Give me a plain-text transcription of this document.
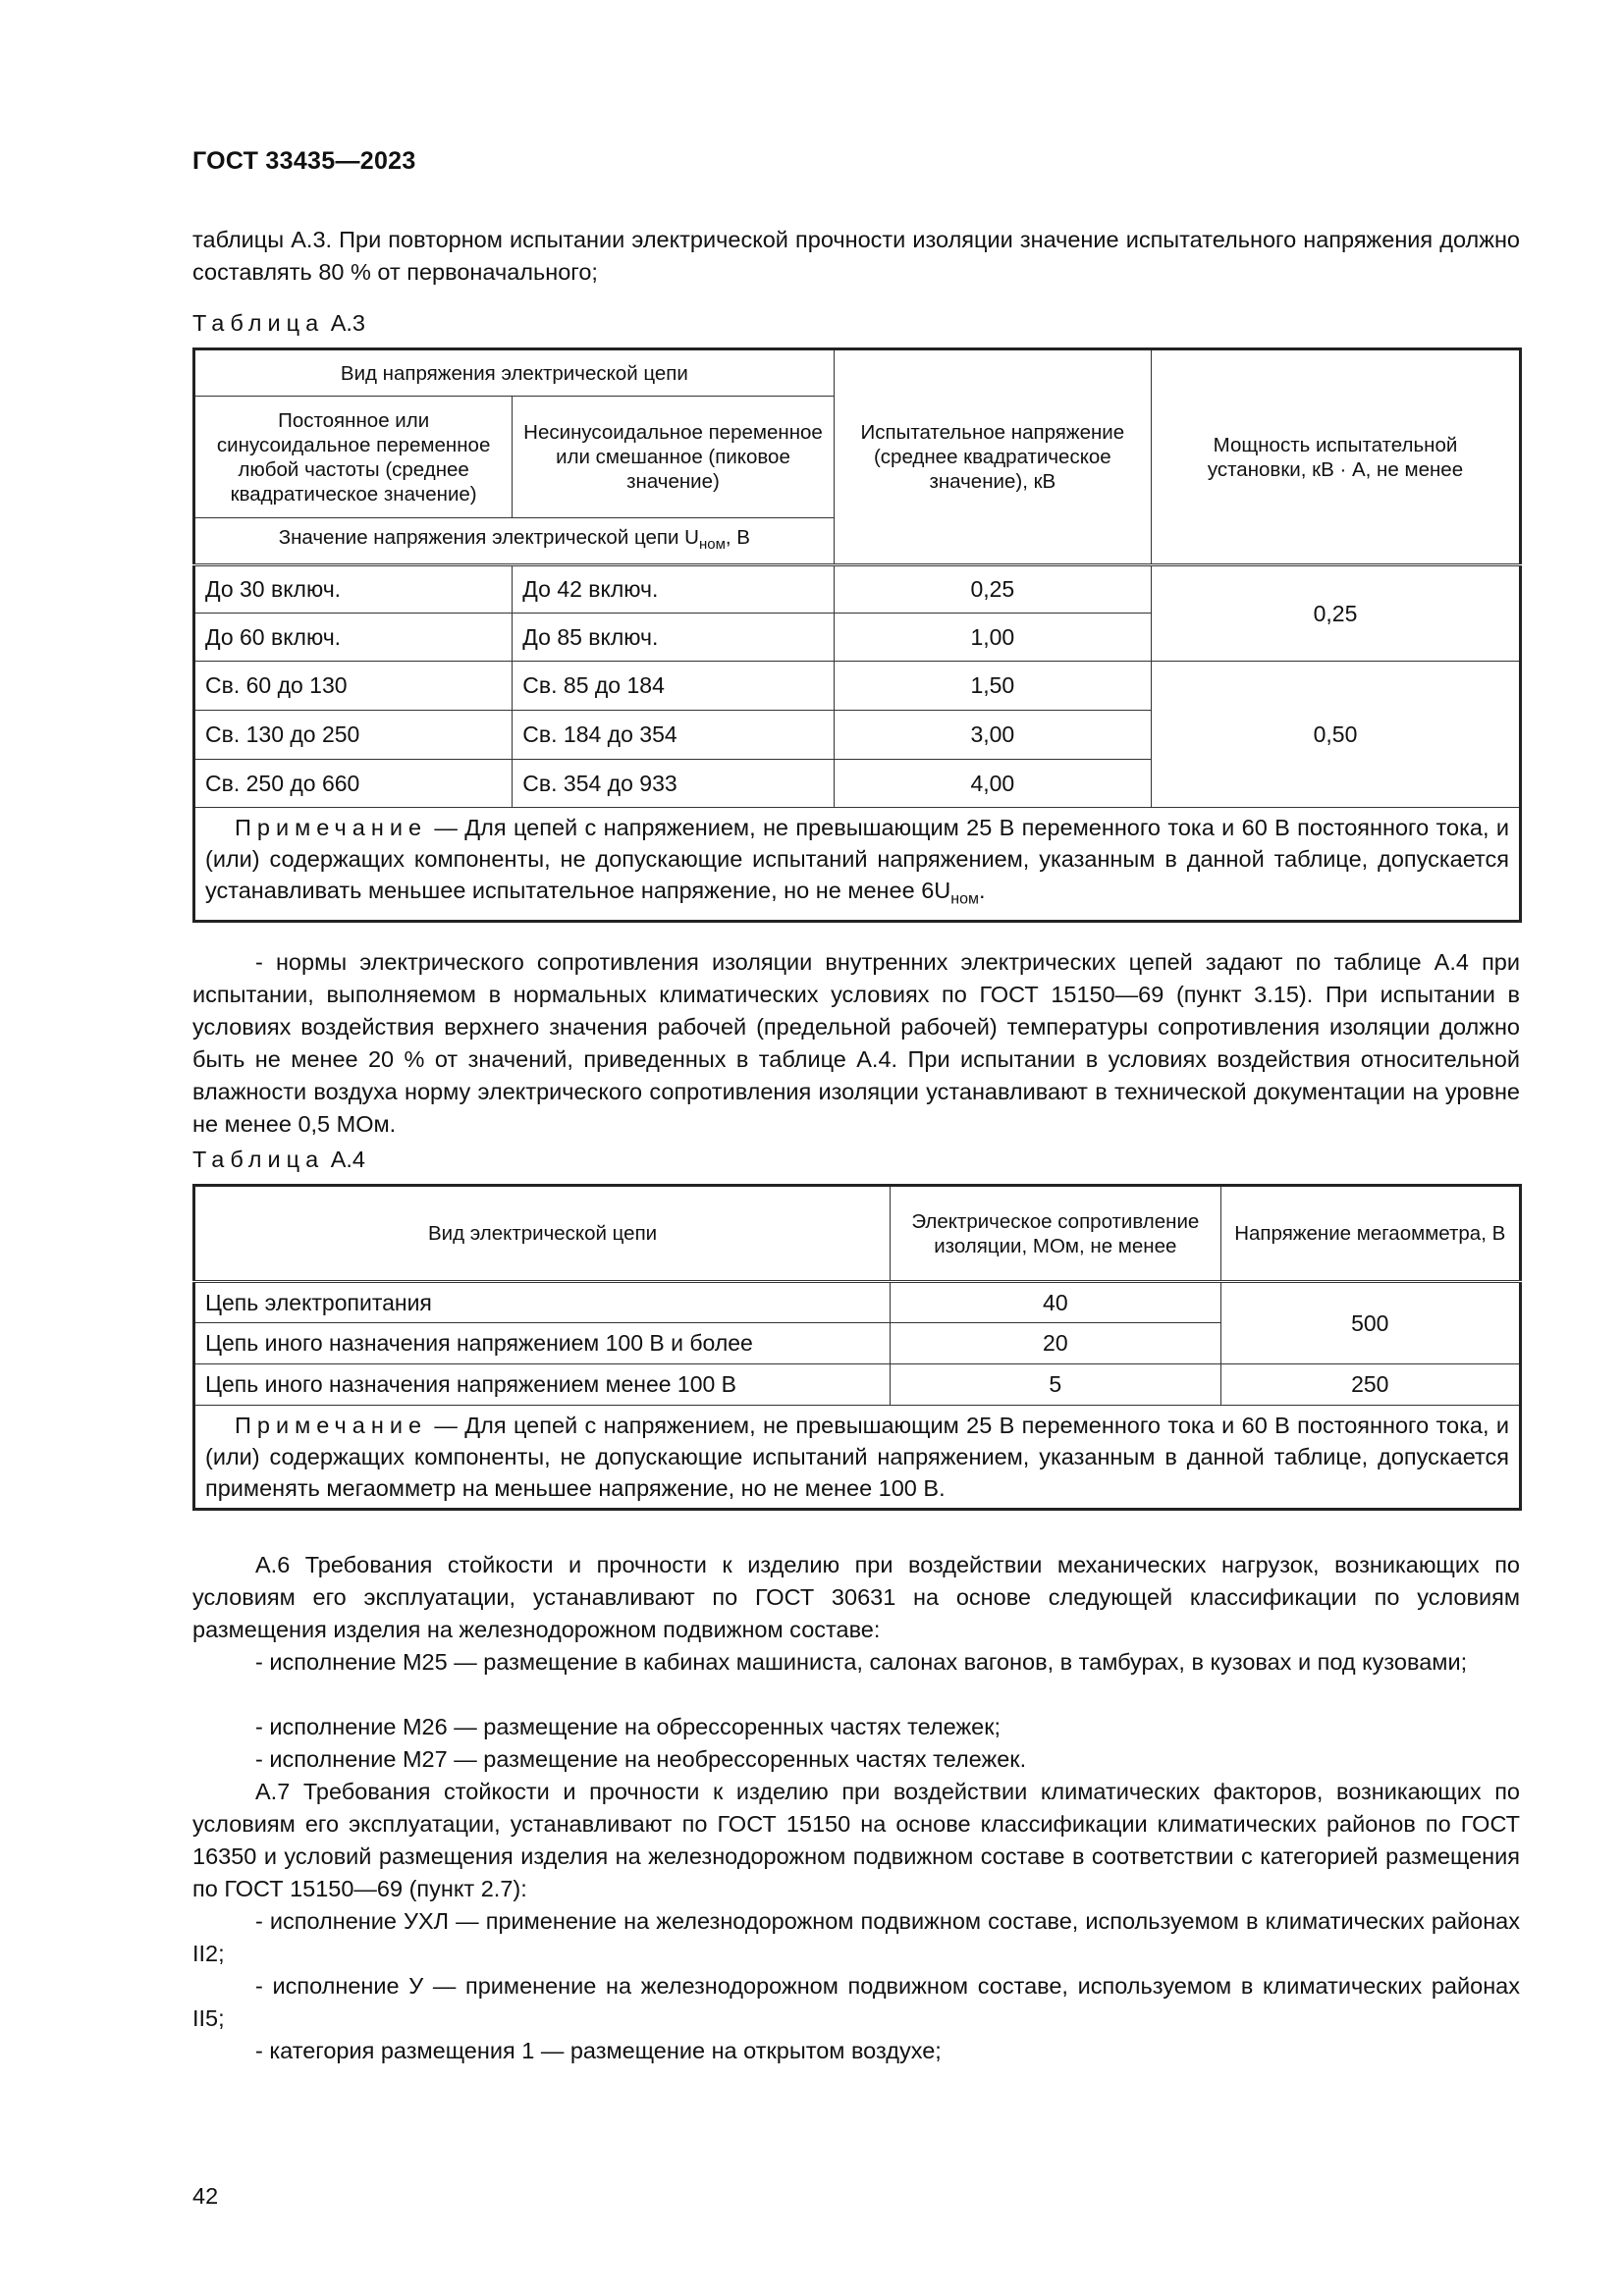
ГОСТ 33435—2023

таблицы А.3. При повторном испытании электрической прочности изоляции значение испытательного напряжения должно составлять 80 % от первоначального;

Таблица А.3
Вид напряжения электрической цепи		Испытательное напряжение (среднее квадратическое значение), кВ	Мощность испытательной установки, кВ · А, не менее
Постоянное или синусоидальное переменное любой частоты (среднее квадратическое значение)	Несинусоидальное переменное или смешанное (пиковое значение)		
Значение напряжения электрической цепи $U_{ном}$, В			
До 30 включ.	До 42 включ.	0,25	0,25
До 60 включ.	До 85 включ.	1,00	
Св. 60 до 130	Св. 85 до 184	1,50	0,50
Св. 130 до 250	Св. 184 до 354	3,00	
Св. 250 до 660	Св. 354 до 933	4,00	
Примечание — Для цепей с напряжением, не превышающим 25 В переменного тока и 60 В постоянного тока, и (или) содержащих компоненты, не допускающие испытаний напряжением, указанным в данной таблице, допускается устанавливать меньшее испытательное напряжение, но не менее $6U_{ном}$.			

- нормы электрического сопротивления изоляции внутренних электрических цепей задают по таблице А.4 при испытании, выполняемом в нормальных климатических условиях по ГОСТ 15150—69 (пункт 3.15). При испытании в условиях воздействия верхнего значения рабочей (предельной рабочей) температуры сопротивления изоляции должно быть не менее 20 % от значений, приведенных в таблице А.4. При испытании в условиях воздействия относительной влажности воздуха норму электрического сопротивления изоляции устанавливают в технической документации на уровне не менее 0,5 МОм.

Таблица А.4
Вид электрической цепи	Электрическое сопротивление изоляции, МОм, не менее	Напряжение мегаомметра, В
Цепь электропитания	40	500
Цепь иного назначения напряжением 100 В и более	20	
Цепь иного назначения напряжением менее 100 В	5	250
Примечание — Для цепей с напряжением, не превышающим 25 В переменного тока и 60 В постоянного тока, и (или) содержащих компоненты, не допускающие испытаний напряжением, указанным в данной таблице, допускается применять мегаомметр на меньшее напряжение, но не менее 100 В.		

А.6 Требования стойкости и прочности к изделию при воздействии механических нагрузок, возникающих по условиям его эксплуатации, устанавливают по ГОСТ 30631 на основе следующей классификации по условиям размещения изделия на железнодорожном подвижном составе:

- исполнение М25 — размещение в кабинах машиниста, салонах вагонов, в тамбурах, в кузовах и под кузовами;

- исполнение М26 — размещение на обрессоренных частях тележек;

- исполнение М27 — размещение на необрессоренных частях тележек.

А.7 Требования стойкости и прочности к изделию при воздействии климатических факторов, возникающих по условиям его эксплуатации, устанавливают по ГОСТ 15150 на основе классификации климатических районов по ГОСТ 16350 и условий размещения изделия на железнодорожном подвижном составе в соответствии с категорией размещения по ГОСТ 15150—69 (пункт 2.7):

- исполнение УХЛ — применение на железнодорожном подвижном составе, используемом в климатических районах II2;

- исполнение У — применение на железнодорожном подвижном составе, используемом в климатических районах II5;

- категория размещения 1 — размещение на открытом воздухе;

42
